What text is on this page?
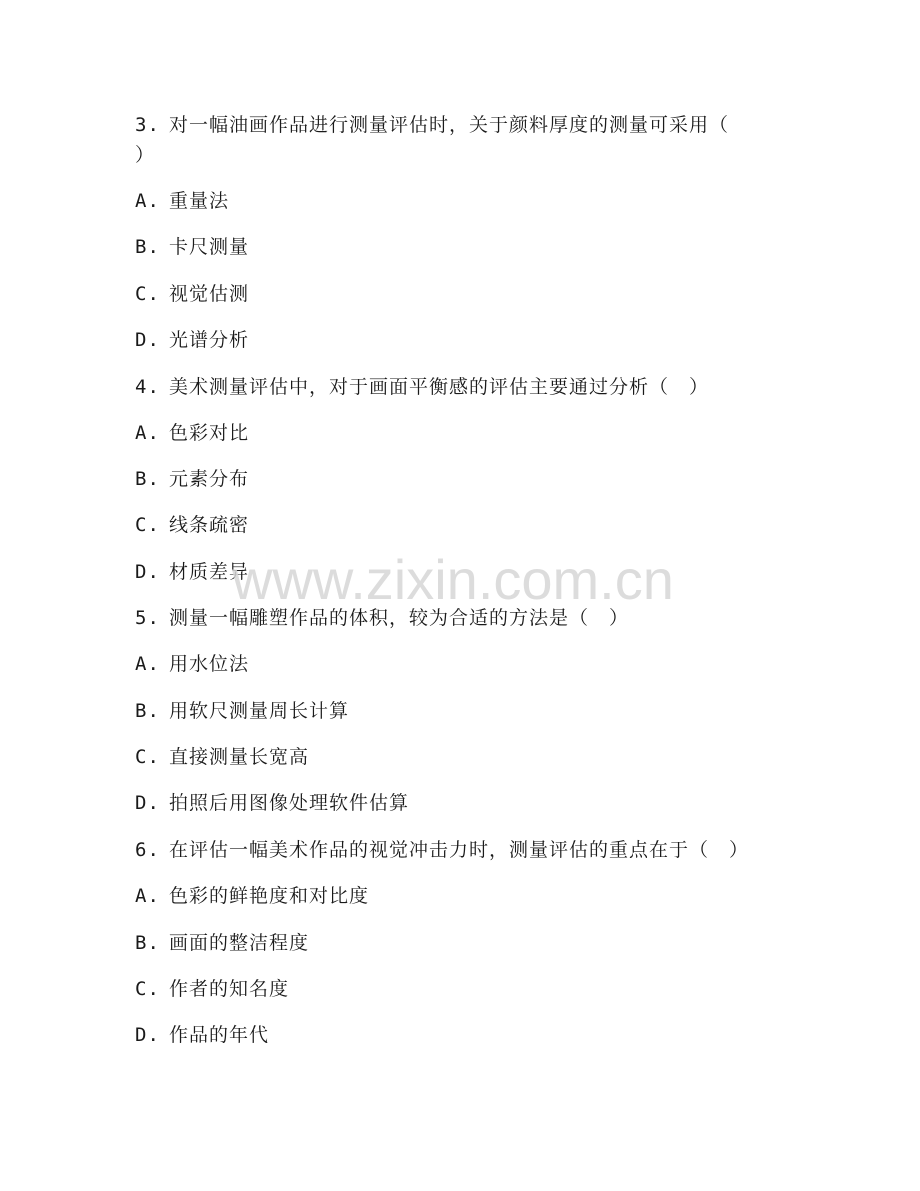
3. 对一幅油画作品进行测量评估时，关于颜料厚度的测量可采用（
）
A. 重量法
B. 卡尺测量
C. 视觉估测
D. 光谱分析
4. 美术测量评估中，对于画面平衡感的评估主要通过分析（　）
A. 色彩对比
B. 元素分布
C. 线条疏密
D. 材质差异
5. 测量一幅雕塑作品的体积，较为合适的方法是（　）
A. 用水位法
B. 用软尺测量周长计算
C. 直接测量长宽高
D. 拍照后用图像处理软件估算
6. 在评估一幅美术作品的视觉冲击力时，测量评估的重点在于（　）
A. 色彩的鲜艳度和对比度
B. 画面的整洁程度
C. 作者的知名度
D. 作品的年代
www.zixin.com.cn
